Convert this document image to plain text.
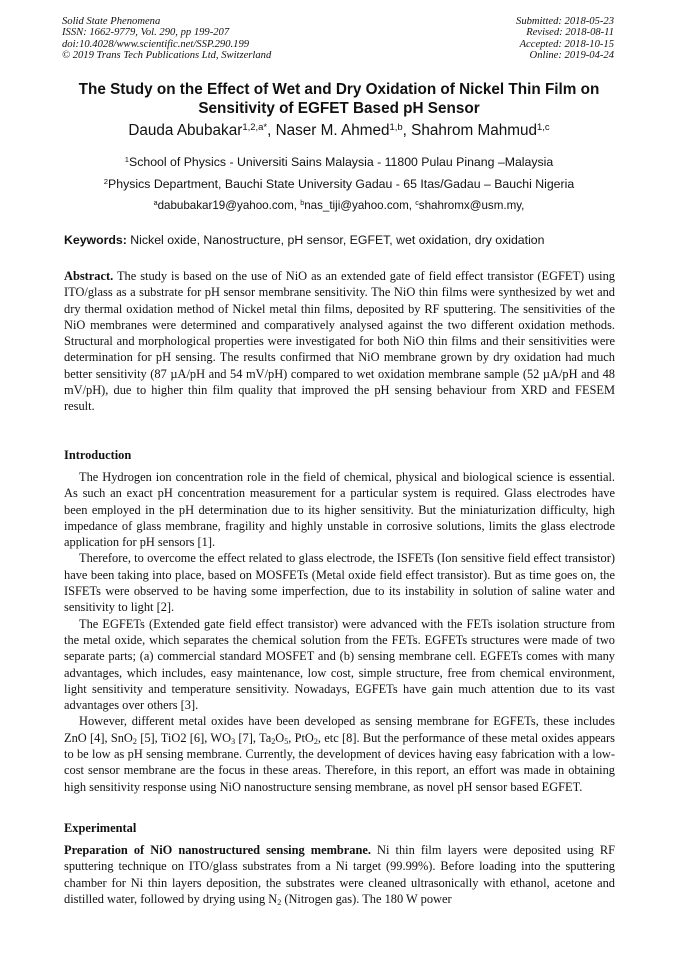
Solid State Phenomena
ISSN: 1662-9779, Vol. 290, pp 199-207
doi:10.4028/www.scientific.net/SSP.290.199
© 2019 Trans Tech Publications Ltd, Switzerland
Submitted: 2018-05-23
Revised: 2018-08-11
Accepted: 2018-10-15
Online: 2019-04-24
The Study on the Effect of Wet and Dry Oxidation of Nickel Thin Film on
Sensitivity of EGFET Based pH Sensor
Dauda Abubakar$^{1,2,a*}$, Naser M. Ahmed$^{1,b}$, Shahrom Mahmud$^{1,c}$
$^1$School of Physics - Universiti Sains Malaysia - 11800 Pulau Pinang –Malaysia
$^2$Physics Department, Bauchi State University Gadau - 65 Itas/Gadau – Bauchi Nigeria
$^a$dabubakar19@yahoo.com, $^b$nas_tiji@yahoo.com, $^c$shahromx@usm.my,
Keywords: Nickel oxide, Nanostructure, pH sensor, EGFET, wet oxidation, dry oxidation
Abstract. The study is based on the use of NiO as an extended gate of field effect transistor (EGFET) using ITO/glass as a substrate for pH sensor membrane sensitivity. The NiO thin films were synthesized by wet and dry thermal oxidation method of Nickel metal thin films, deposited by RF sputtering. The sensitivities of the NiO membranes were determined and comparatively analysed against the two different oxidation methods. Structural and morphological properties were investigated for both NiO thin films and their sensitivities were determination for pH sensing. The results confirmed that NiO membrane grown by dry oxidation had much better sensitivity (87 µA/pH and 54 mV/pH) compared to wet oxidation membrane sample (52 µA/pH and 48 mV/pH), due to higher thin film quality that improved the pH sensing behaviour from XRD and FESEM result.
Introduction

The Hydrogen ion concentration role in the field of chemical, physical and biological science is essential. As such an exact pH concentration measurement for a particular system is required. Glass electrodes have been employed in the pH determination due to its higher sensitivity. But the miniaturization difficulty, high impedance of glass membrane, fragility and highly unstable in corrosive solutions, limits the glass electrode application for pH sensors [1].

Therefore, to overcome the effect related to glass electrode, the ISFETs (Ion sensitive field effect transistor) have been taking into place, based on MOSFETs (Metal oxide field effect transistor). But as time goes on, the ISFETs were observed to be having some imperfection, due to its instability in solution of saline water and sensitivity to light [2].

The EGFETs (Extended gate field effect transistor) were advanced with the FETs isolation structure from the metal oxide, which separates the chemical solution from the FETs. EGFETs structures were made of two separate parts; (a) commercial standard MOSFET and (b) sensing membrane cell. EGFETs comes with many advantages, which includes, easy maintenance, low cost, simple structure, free from chemical environment, light sensitivity and temperature sensitivity. Nowadays, EGFETs have gain much attention due to its vast advantages over others [3].

However, different metal oxides have been developed as sensing membrane for EGFETs, these includes ZnO [4], SnO$_2$ [5], TiO2 [6], $WO_3$ [7], $Ta_2O_5$, PtO$_2$, etc [8]. But the performance of these metal oxides appears to be low as pH sensing membrane. Currently, the development of devices having easy fabrication with a low-cost sensor membrane are the focus in these areas. Therefore, in this report, an effort was made in obtaining high sensitivity response using NiO nanostructure sensing membrane, as novel pH sensor based EGFET.

Experimental

Preparation of NiO nanostructured sensing membrane. Ni thin film layers were deposited using RF sputtering technique on ITO/glass substrates from a Ni target (99.99%). Before loading into the sputtering chamber for Ni thin layers deposition, the substrates were cleaned ultrasonically with ethanol, acetone and distilled water, followed by drying using $N_2$ (Nitrogen gas). The 180 W power
